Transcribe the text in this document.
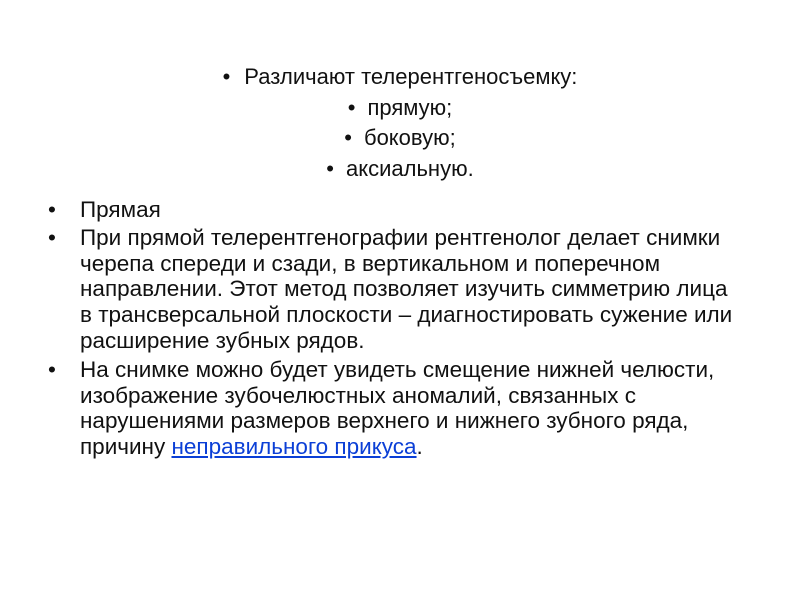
• Различают телерентгеносъемку:
• прямую;
• боковую;
• аксиальную.
• Прямая
• При прямой телерентгенографии рентгенолог делает снимки черепа спереди и сзади, в вертикальном и поперечном направлении. Этот метод позволяет изучить симметрию лица в трансверсальной плоскости – диагностировать сужение или расширение зубных рядов.
• На снимке можно будет увидеть смещение нижней челюсти, изображение зубочелюстных аномалий, связанных с нарушениями размеров верхнего и нижнего зубного ряда, причину неправильного прикуса.
